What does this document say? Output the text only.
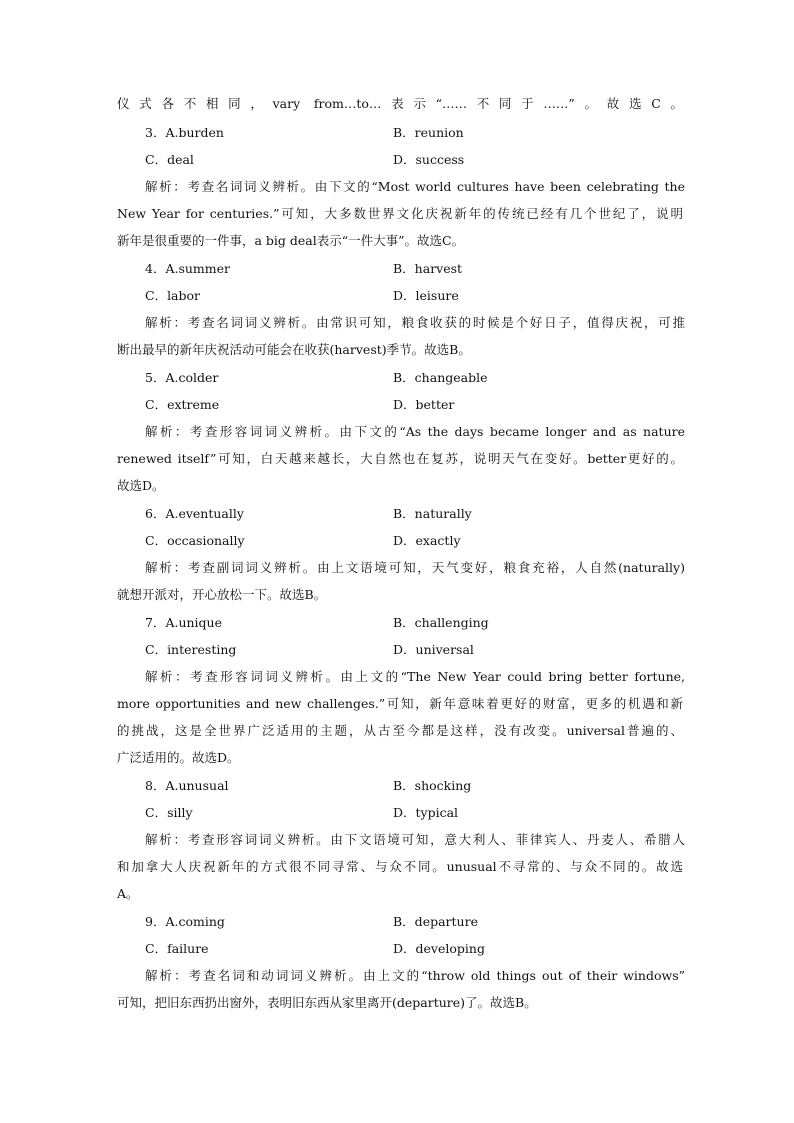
仪式各不相同，vary from…to…表示“……不同于……”。故选C。
3．A.burden	B．reunion
C．deal	D．success
解析：考查名词词义辨析。由下文的“Most world cultures have been celebrating the
New Year for centuries.”可知，大多数世界文化庆祝新年的传统已经有几个世纪了，说明
新年是很重要的一件事，a big deal表示“一件大事”。故选C。
4．A.summer	B．harvest
C．labor	D．leisure
解析：考查名词词义辨析。由常识可知，粮食收获的时候是个好日子，值得庆祝，可推
断出最早的新年庆祝活动可能会在收获(harvest)季节。故选B。
5．A.colder	B．changeable
C．extreme	D．better
解析：考查形容词词义辨析。由下文的“As the days became longer and as nature
renewed itself”可知，白天越来越长，大自然也在复苏，说明天气在变好。better更好的。
故选D。
6．A.eventually	B．naturally
C．occasionally	D．exactly
解析：考查副词词义辨析。由上文语境可知，天气变好，粮食充裕，人自然(naturally)
就想开派对，开心放松一下。故选B。
7．A.unique	B．challenging
C．interesting	D．universal
解析：考查形容词词义辨析。由上文的“The New Year could bring better fortune,
more opportunities and new challenges.”可知，新年意味着更好的财富，更多的机遇和新
的挑战，这是全世界广泛适用的主题，从古至今都是这样，没有改变。universal普遍的、
广泛适用的。故选D。
8．A.unusual	B．shocking
C．silly	D．typical
解析：考查形容词词义辨析。由下文语境可知，意大利人、菲律宾人、丹麦人、希腊人
和加拿大人庆祝新年的方式很不同寻常、与众不同。unusual不寻常的、与众不同的。故选
A。
9．A.coming	B．departure
C．failure	D．developing
解析：考查名词和动词词义辨析。由上文的“throw old things out of their windows”
可知，把旧东西扔出窗外，表明旧东西从家里离开(departure)了。故选B。
